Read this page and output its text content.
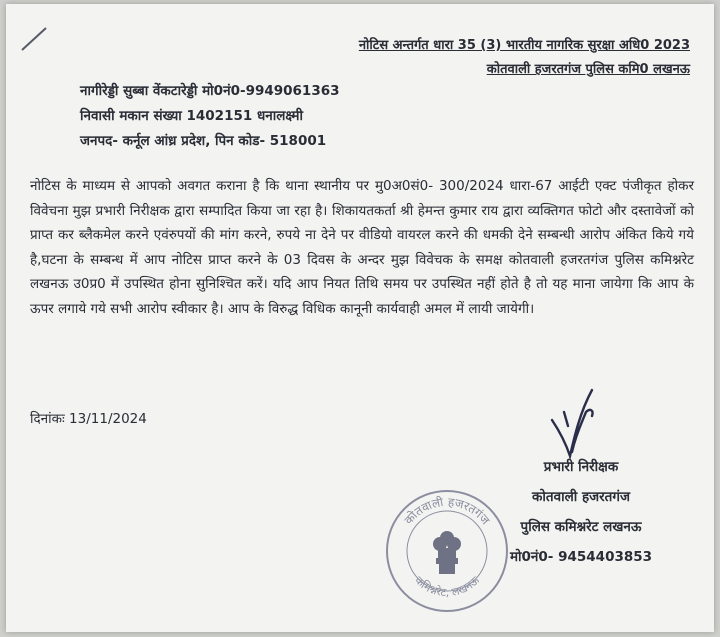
नोटिस अन्तर्गत धारा 35 (3) भारतीय नागरिक सुरक्षा अधि0 2023
कोतवाली हजरतगंज पुलिस कमि0 लखनऊ
नागीरेड्डी सुब्बा वेंकटारेड्डी मो0नं0-9949061363
निवासी मकान संख्या 1402151 धनालक्ष्मी
जनपद- कर्नूल आंध्र प्रदेश, पिन कोड- 518001
नोटिस के माध्यम से आपको अवगत कराना है कि थाना स्थानीय पर मु0अ0सं0- 300/2024 धारा-67 आईटी एक्ट पंजीकृत होकर विवेचना मुझ प्रभारी निरीक्षक द्वारा सम्पादित किया जा रहा है। शिकायतकर्ता श्री हेमन्त कुमार राय द्वारा व्यक्तिगत फोटो और दस्तावेजों को प्राप्त कर ब्लैकमेल करने एवंरुपयों की मांग करने, रुपये ना देने पर वीडियो वायरल करने की धमकी देने सम्बन्धी आरोप अंकित किये गये है,घटना के सम्बन्ध में आप नोटिस प्राप्त करने के 03 दिवस के अन्दर मुझ विवेचक के समक्ष कोतवाली हजरतगंज पुलिस कमिश्नरेट लखनऊ उ0प्र0 में उपस्थित होना सुनिश्चित करें। यदि आप नियत तिथि समय पर उपस्थित नहीं होते है तो यह माना जायेगा कि आप के ऊपर लगाये गये सभी आरोप स्वीकार है। आप के विरुद्ध विधिक कानूनी कार्यवाही अमल में लायी जायेगी।
दिनांकः 13/11/2024
कोतवाली हजरतगंज
कमिश्नरेट, लखनऊ
प्रभारी निरीक्षक
कोतवाली हजरतगंज
पुलिस कमिश्नरेट लखनऊ
मो0नं0- 9454403853
